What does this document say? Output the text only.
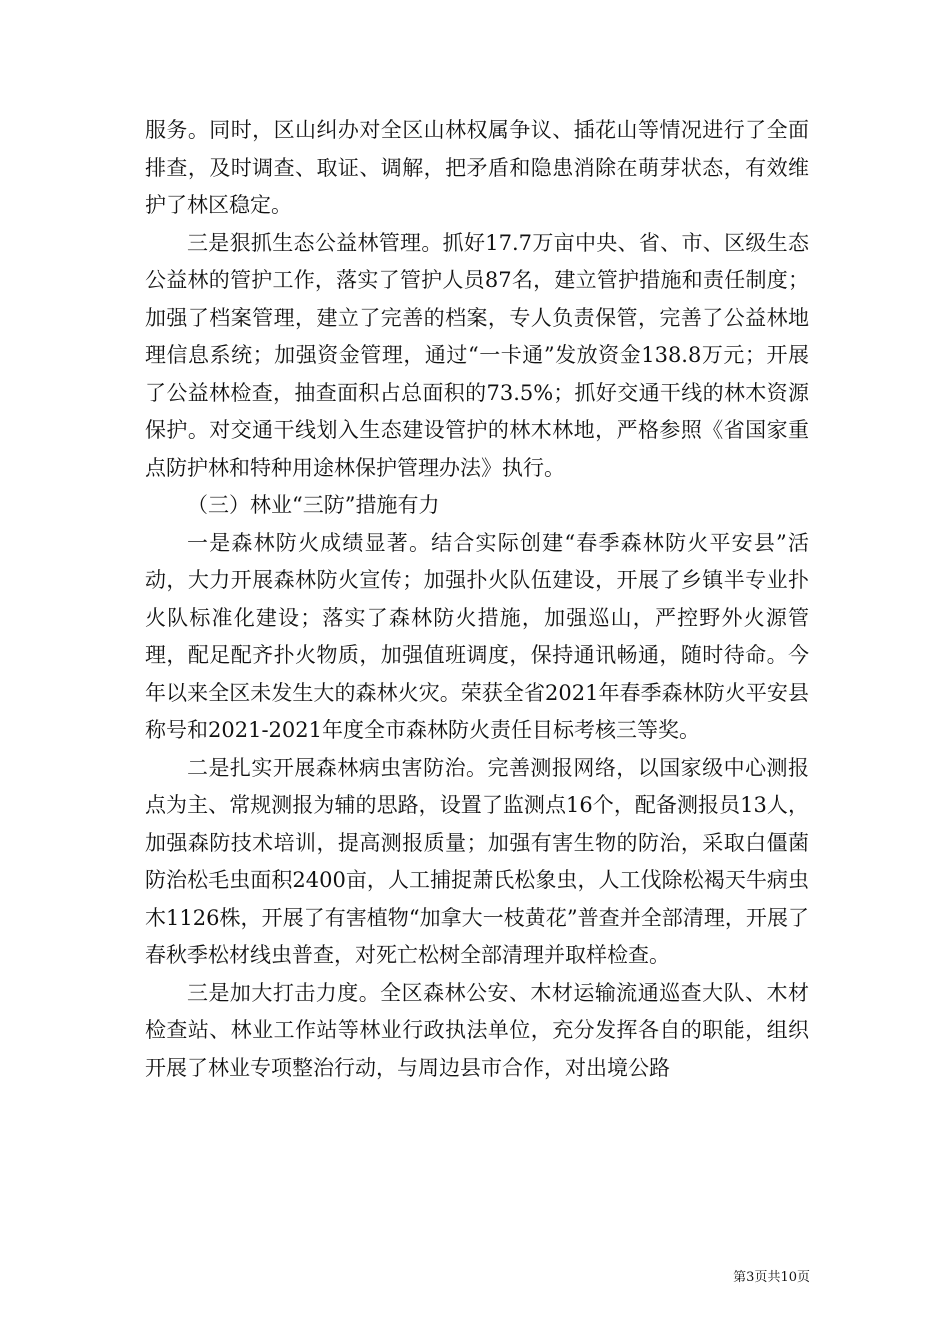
服务。同时，区山纠办对全区山林权属争议、插花山等情况进行了全面排查，及时调查、取证、调解，把矛盾和隐患消除在萌芽状态，有效维护了林区稳定。

三是狠抓生态公益林管理。抓好17.7万亩中央、省、市、区级生态公益林的管护工作，落实了管护人员87名，建立管护措施和责任制度；加强了档案管理，建立了完善的档案，专人负责保管，完善了公益林地理信息系统；加强资金管理，通过“一卡通”发放资金138.8万元；开展了公益林检查，抽查面积占总面积的73.5%；抓好交通干线的林木资源保护。对交通干线划入生态建设管护的林木林地，严格参照《省国家重点防护林和特种用途林保护管理办法》执行。

（三）林业“三防”措施有力

一是森林防火成绩显著。结合实际创建“春季森林防火平安县”活动，大力开展森林防火宣传；加强扑火队伍建设，开展了乡镇半专业扑火队标准化建设；落实了森林防火措施，加强巡山，严控野外火源管理，配足配齐扑火物质，加强值班调度，保持通讯畅通，随时待命。今年以来全区未发生大的森林火灾。荣获全省2021年春季森林防火平安县称号和2021-2021年度全市森林防火责任目标考核三等奖。

二是扎实开展森林病虫害防治。完善测报网络，以国家级中心测报点为主、常规测报为辅的思路，设置了监测点16个，配备测报员13人，加强森防技术培训，提高测报质量；加强有害生物的防治，采取白僵菌防治松毛虫面积2400亩，人工捕捉萧氏松象虫，人工伐除松褐天牛病虫木1126株，开展了有害植物“加拿大一枝黄花”普查并全部清理，开展了春秋季松材线虫普查，对死亡松树全部清理并取样检查。

三是加大打击力度。全区森林公安、木材运输流通巡查大队、木材检查站、林业工作站等林业行政执法单位，充分发挥各自的职能，组织开展了林业专项整治行动，与周边县市合作，对出境公路

第3页共10页
